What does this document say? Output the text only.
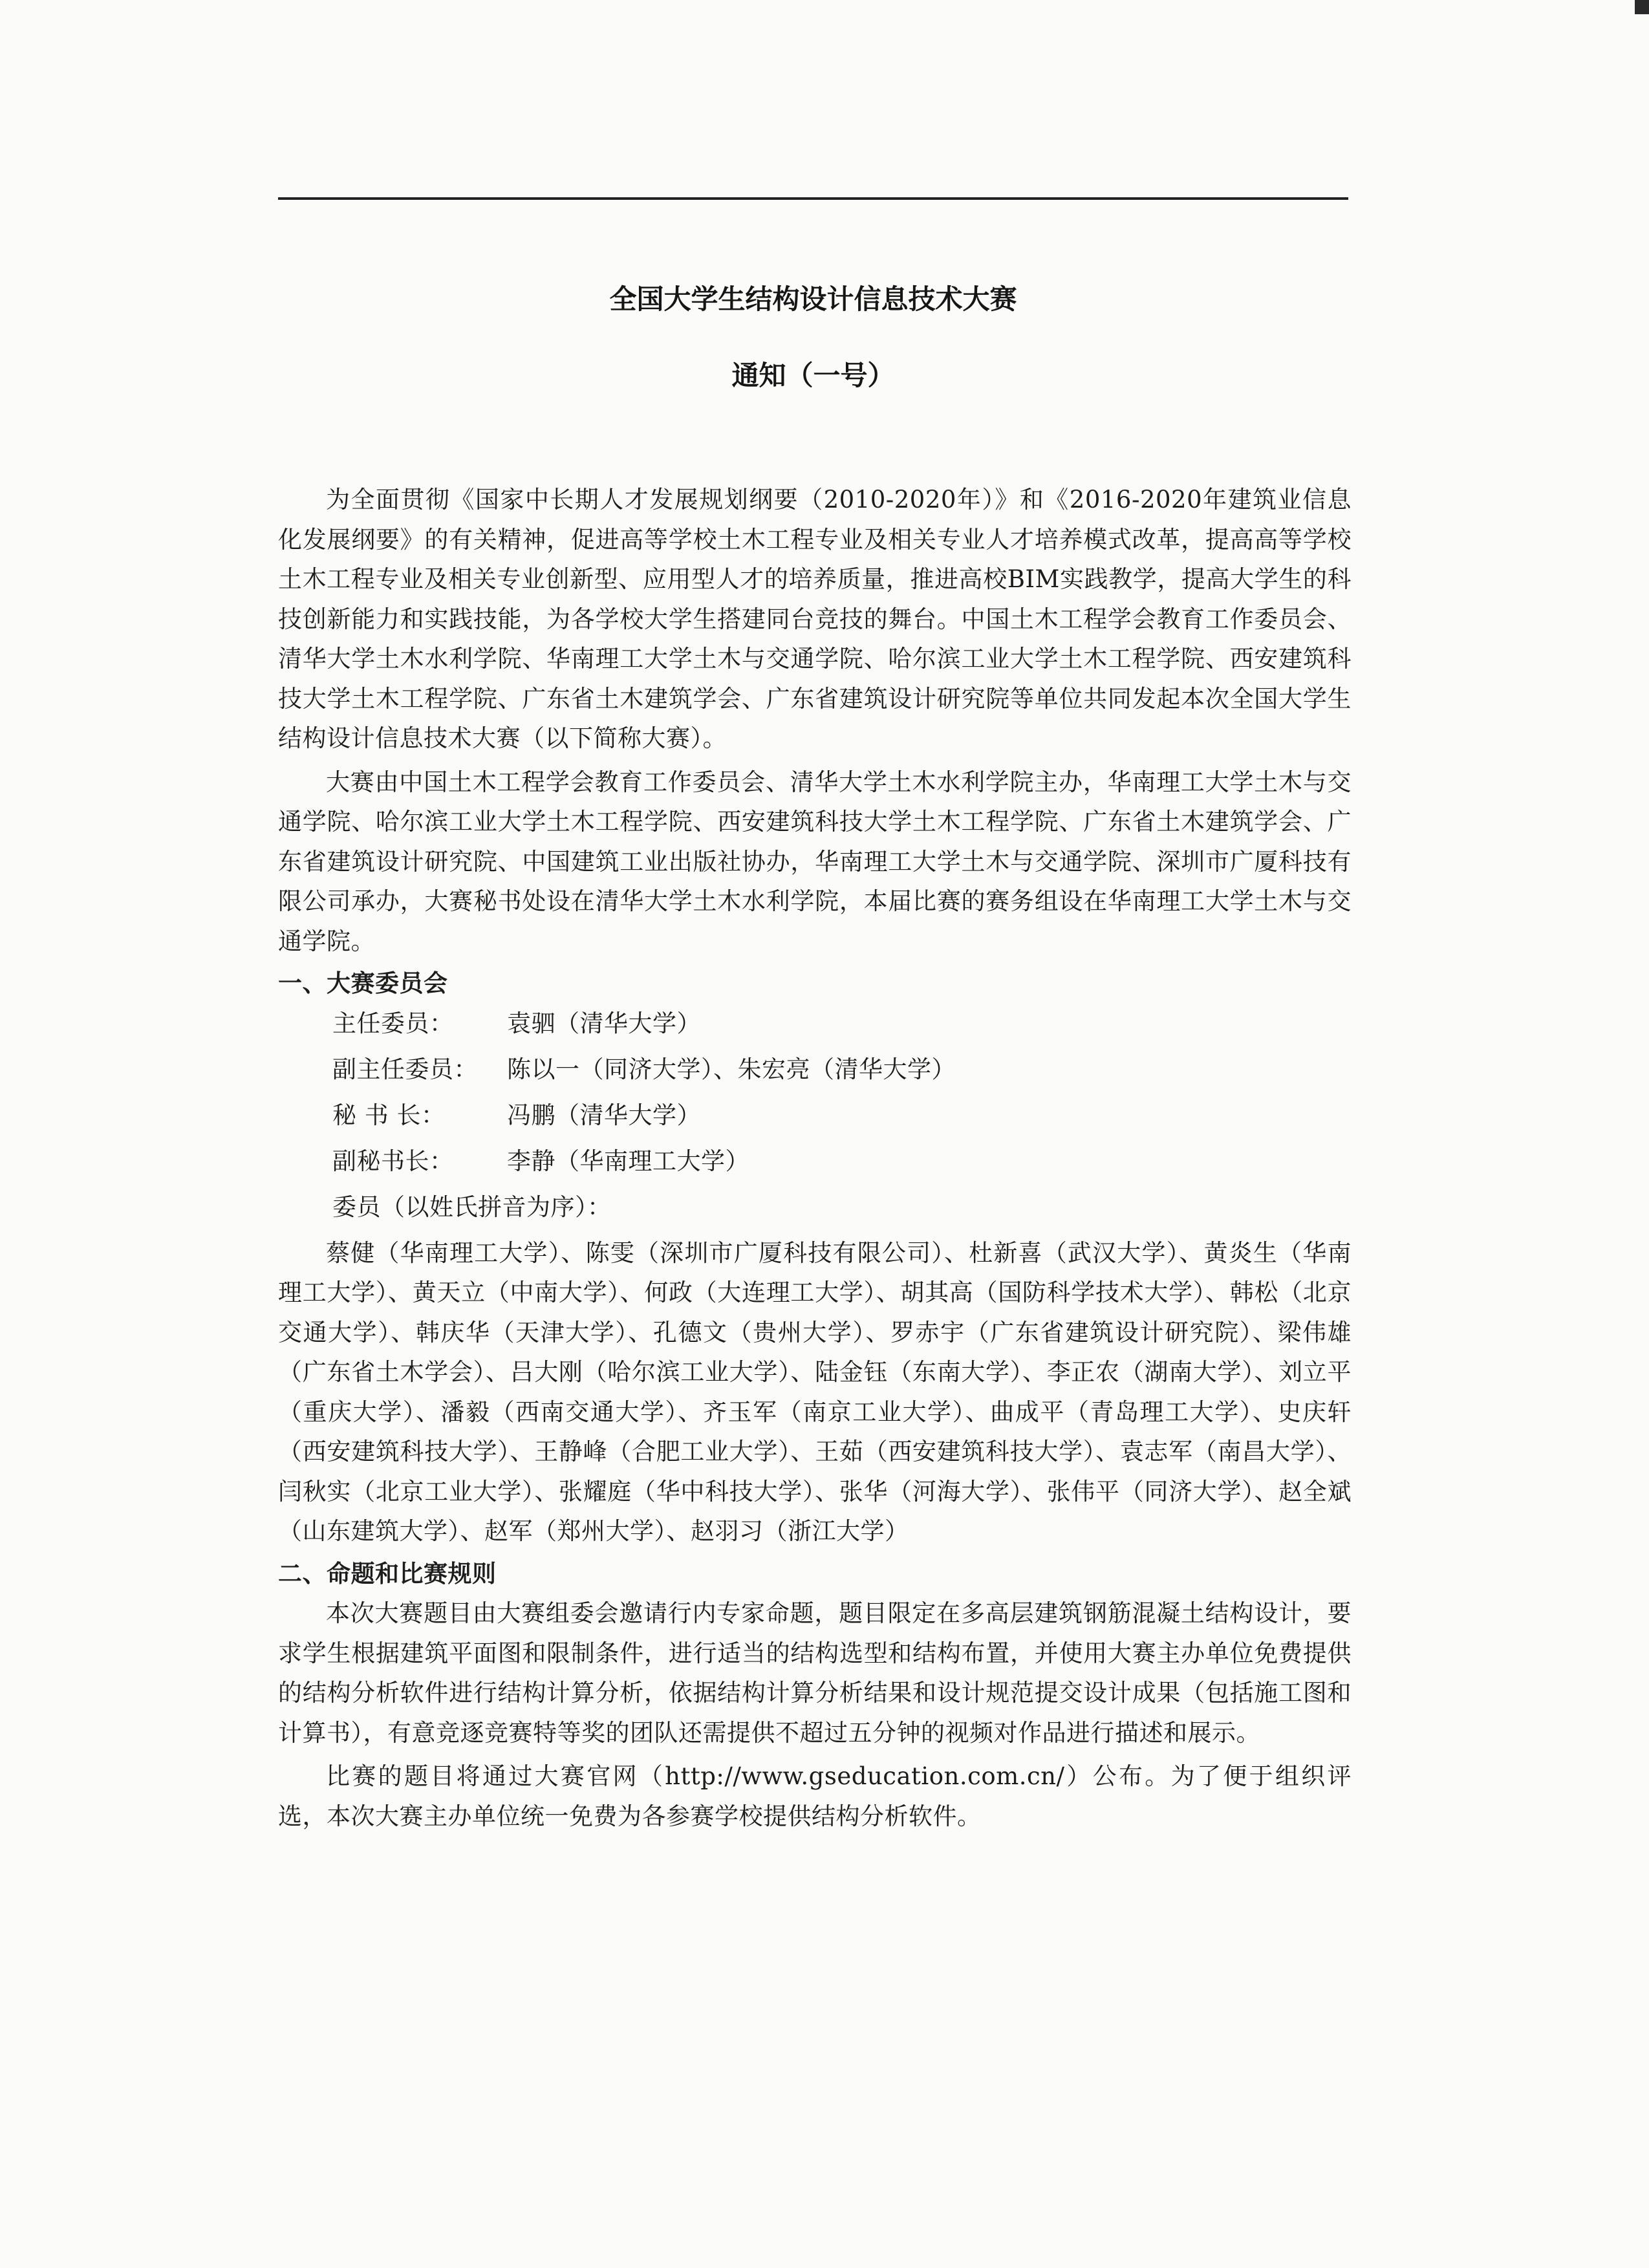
全国大学生结构设计信息技术大赛
通知（一号）

为全面贯彻《国家中长期人才发展规划纲要（2010-2020年）》和《2016-2020年建筑业信息化发展纲要》的有关精神，促进高等学校土木工程专业及相关专业人才培养模式改革，提高高等学校土木工程专业及相关专业创新型、应用型人才的培养质量，推进高校BIM实践教学，提高大学生的科技创新能力和实践技能，为各学校大学生搭建同台竞技的舞台。中国土木工程学会教育工作委员会、清华大学土木水利学院、华南理工大学土木与交通学院、哈尔滨工业大学土木工程学院、西安建筑科技大学土木工程学院、广东省土木建筑学会、广东省建筑设计研究院等单位共同发起本次全国大学生结构设计信息技术大赛（以下简称大赛）。

大赛由中国土木工程学会教育工作委员会、清华大学土木水利学院主办，华南理工大学土木与交通学院、哈尔滨工业大学土木工程学院、西安建筑科技大学土木工程学院、广东省土木建筑学会、广东省建筑设计研究院、中国建筑工业出版社协办，华南理工大学土木与交通学院、深圳市广厦科技有限公司承办，大赛秘书处设在清华大学土木水利学院，本届比赛的赛务组设在华南理工大学土木与交通学院。

一、大赛委员会

主任委员：	袁驷（清华大学）
副主任委员：	陈以一（同济大学）、朱宏亮（清华大学）
秘 书 长：	冯鹏（清华大学）
副秘书长：	李静（华南理工大学）
委员（以姓氏拼音为序）：

蔡健（华南理工大学）、陈雯（深圳市广厦科技有限公司）、杜新喜（武汉大学）、黄炎生（华南理工大学）、黄天立（中南大学）、何政（大连理工大学）、胡其高（国防科学技术大学）、韩松（北京交通大学）、韩庆华（天津大学）、孔德文（贵州大学）、罗赤宇（广东省建筑设计研究院）、梁伟雄（广东省土木学会）、吕大刚（哈尔滨工业大学）、陆金钰（东南大学）、李正农（湖南大学）、刘立平（重庆大学）、潘毅（西南交通大学）、齐玉军（南京工业大学）、曲成平（青岛理工大学）、史庆轩（西安建筑科技大学）、王静峰（合肥工业大学）、王茹（西安建筑科技大学）、袁志军（南昌大学）、闫秋实（北京工业大学）、张耀庭（华中科技大学）、张华（河海大学）、张伟平（同济大学）、赵全斌（山东建筑大学）、赵军（郑州大学）、赵羽习（浙江大学）

二、命题和比赛规则

本次大赛题目由大赛组委会邀请行内专家命题，题目限定在多高层建筑钢筋混凝土结构设计，要求学生根据建筑平面图和限制条件，进行适当的结构选型和结构布置，并使用大赛主办单位免费提供的结构分析软件进行结构计算分析，依据结构计算分析结果和设计规范提交设计成果（包括施工图和计算书），有意竞逐竞赛特等奖的团队还需提供不超过五分钟的视频对作品进行描述和展示。

比赛的题目将通过大赛官网（http://www.gseducation.com.cn/）公布。为了便于组织评选，本次大赛主办单位统一免费为各参赛学校提供结构分析软件。
